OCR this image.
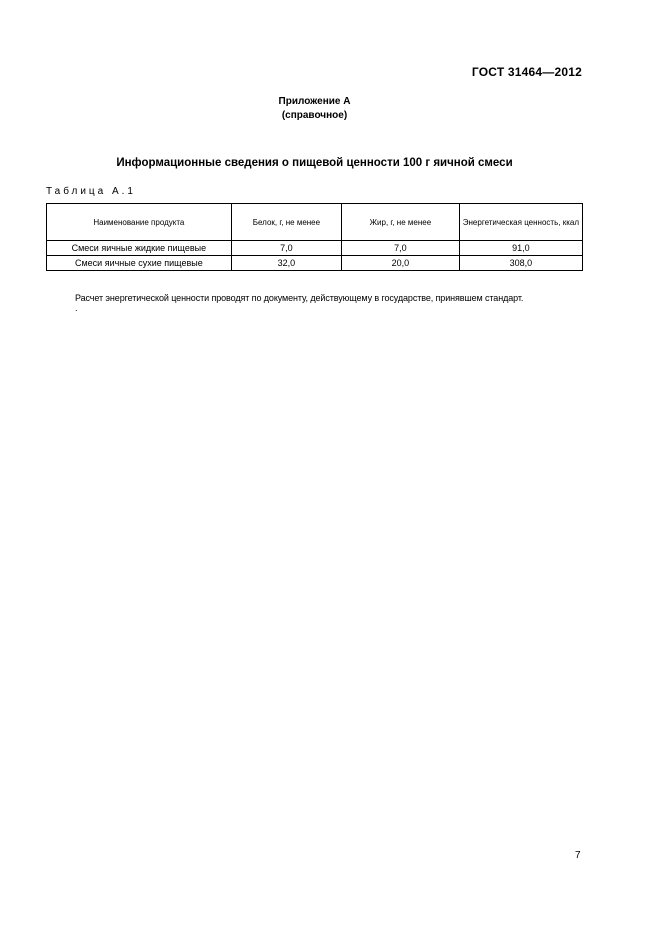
ГОСТ 31464—2012
Приложение А
(справочное)
Информационные сведения о пищевой ценности 100 г яичной смеси
Таблица А.1
Наименование продукта	Белок, г, не менее	Жир, г, не менее	Энергетическая ценность, ккал
Смеси яичные жидкие пищевые	7,0	7,0	91,0
Смеси яичные сухие пищевые	32,0	20,0	308,0
Расчет энергетической ценности проводят по документу, действующему в государстве, принявшем стандарт.
.
7
